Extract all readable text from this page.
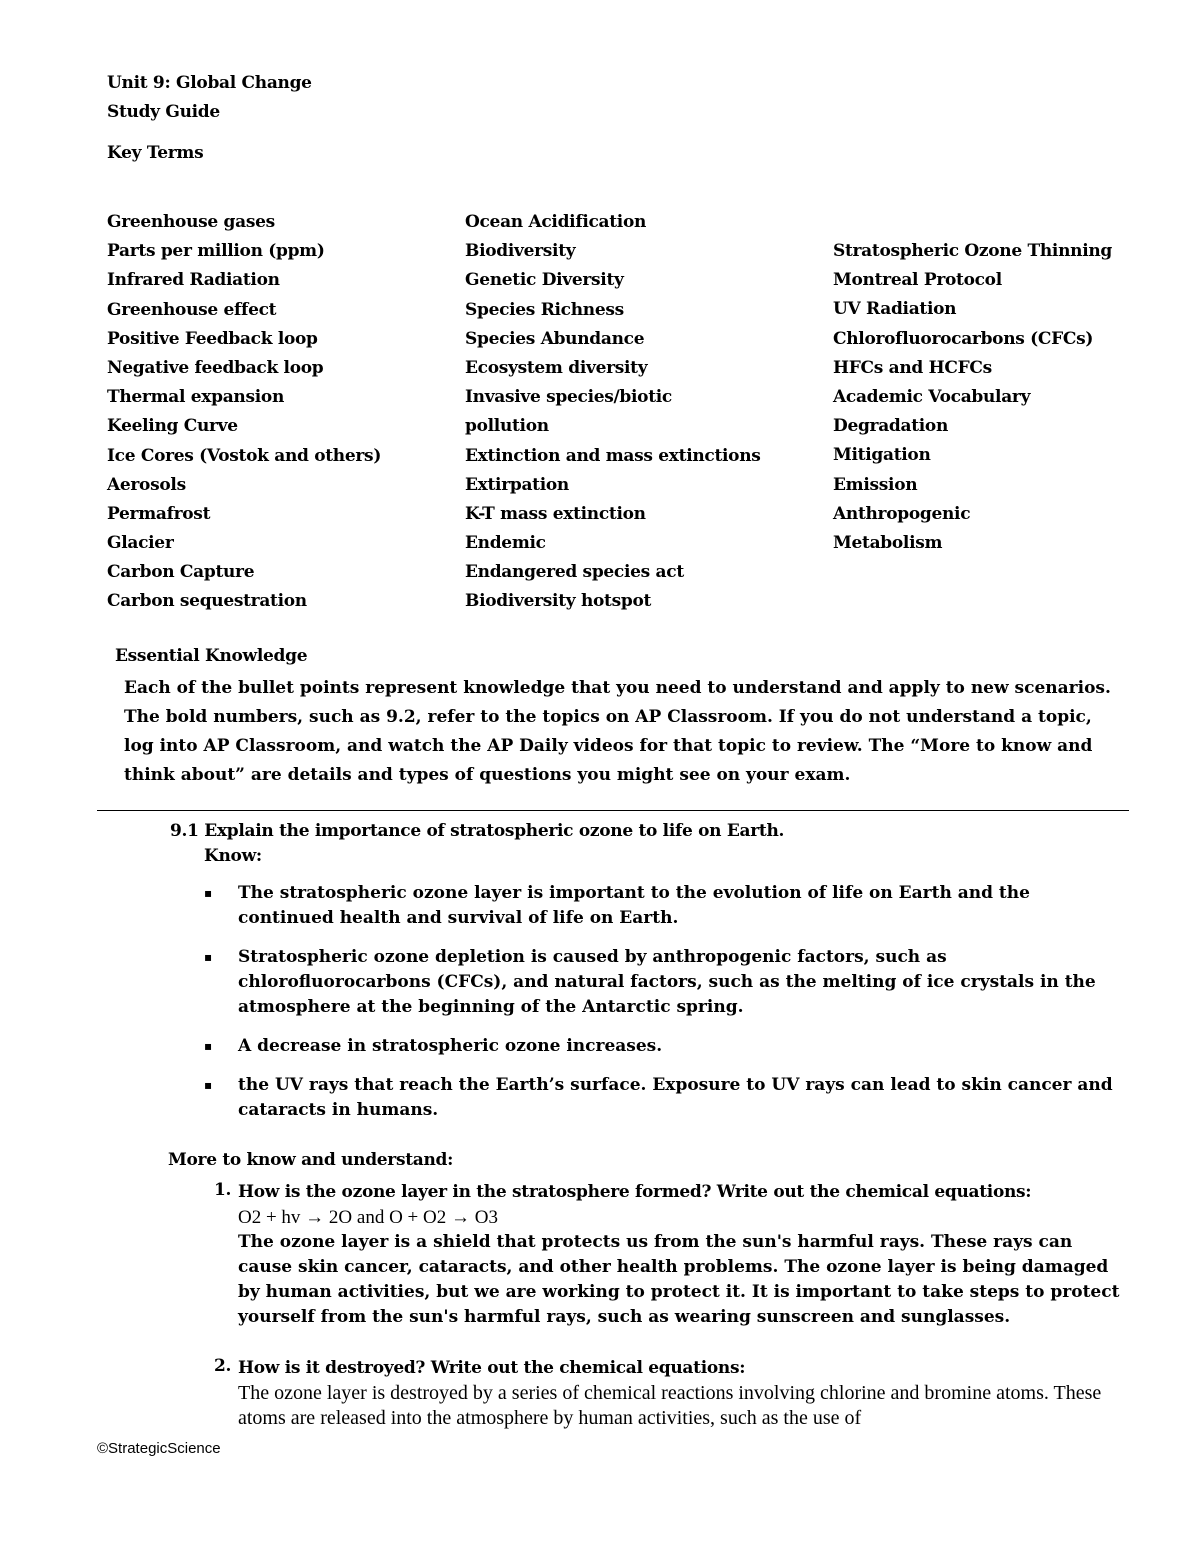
Unit 9: Global Change
Study Guide
Key Terms
Greenhouse gases
Parts per million (ppm)
Infrared Radiation
Greenhouse effect
Positive Feedback loop
Negative feedback loop
Thermal expansion
Keeling Curve
Ice Cores (Vostok and others)
Aerosols
Permafrost
Glacier
Carbon Capture
Carbon sequestration
Ocean Acidification
Biodiversity
Genetic Diversity
Species Richness
Species Abundance
Ecosystem diversity
Invasive species/biotic
pollution
Extinction and mass extinctions
Extirpation
K-T mass extinction
Endemic
Endangered species act
Biodiversity hotspot
Stratospheric Ozone Thinning
Montreal Protocol
UV Radiation
Chlorofluorocarbons (CFCs)
HFCs and HCFCs
Academic Vocabulary
Degradation
Mitigation
Emission
Anthropogenic
Metabolism
Essential Knowledge
Each of the bullet points represent knowledge that you need to understand and apply to new scenarios. The bold numbers, such as 9.2, refer to the topics on AP Classroom. If you do not understand a topic, log into AP Classroom, and watch the AP Daily videos for that topic to review. The “More to know and think about” are details and types of questions you might see on your exam.
9.1 Explain the importance of stratospheric ozone to life on Earth.
Know:
▪ The stratospheric ozone layer is important to the evolution of life on Earth and the continued health and survival of life on Earth.
▪ Stratospheric ozone depletion is caused by anthropogenic factors, such as chlorofluorocarbons (CFCs), and natural factors, such as the melting of ice crystals in the atmosphere at the beginning of the Antarctic spring.
▪ A decrease in stratospheric ozone increases.
▪ the UV rays that reach the Earth’s surface. Exposure to UV rays can lead to skin cancer and cataracts in humans.
More to know and understand:
1. How is the ozone layer in the stratosphere formed? Write out the chemical equations:
O2 + hv → 2O and O + O2 → O3
The ozone layer is a shield that protects us from the sun's harmful rays. These rays can cause skin cancer, cataracts, and other health problems. The ozone layer is being damaged by human activities, but we are working to protect it. It is important to take steps to protect yourself from the sun's harmful rays, such as wearing sunscreen and sunglasses.
2. How is it destroyed? Write out the chemical equations:
The ozone layer is destroyed by a series of chemical reactions involving chlorine and bromine atoms. These atoms are released into the atmosphere by human activities, such as the use of
©StrategicScience
